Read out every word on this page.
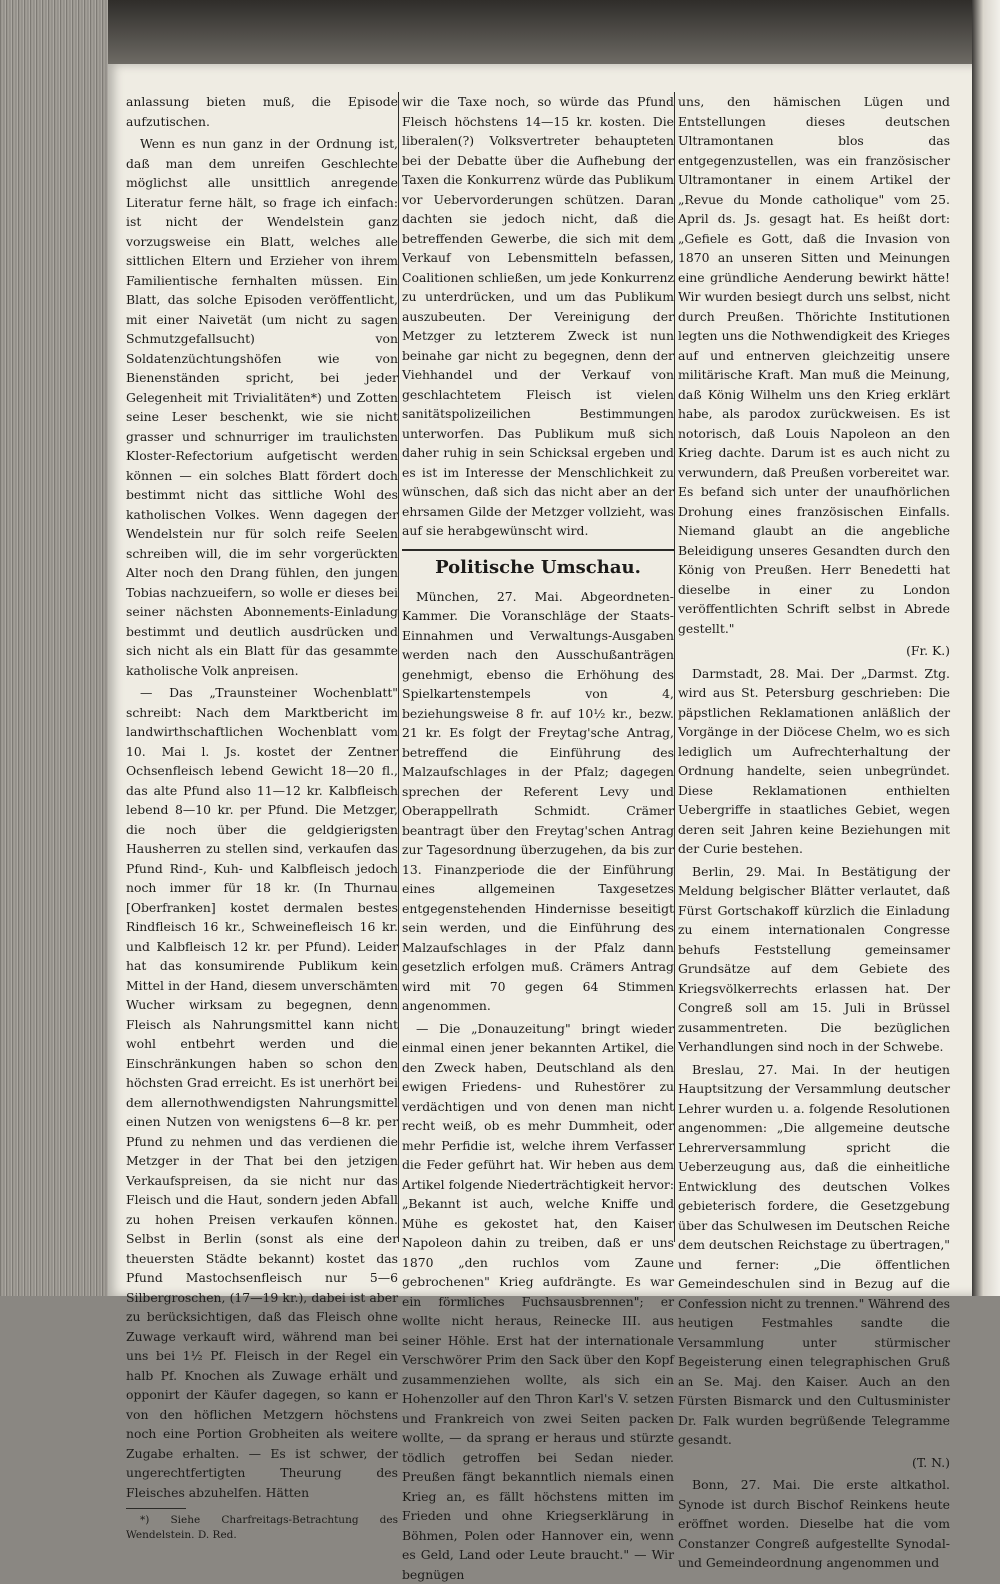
anlassung bieten muß, die Episode aufzutischen.

Wenn es nun ganz in der Ordnung ist, daß man dem unreifen Geschlechte möglichst alle unsittlich anregende Literatur ferne hält, so frage ich einfach: ist nicht der Wendelstein ganz vorzugsweise ein Blatt, welches alle sittlichen Eltern und Erzieher von ihrem Familientische fernhalten müssen. Ein Blatt, das solche Episoden veröffentlicht, mit einer Naivetät (um nicht zu sagen Schmutzgefallsucht) von Soldatenzüchtungshöfen wie von Bienenständen spricht, bei jeder Gelegenheit mit Trivialitäten*) und Zotten seine Leser beschenkt, wie sie nicht grasser und schnurriger im traulichsten Kloster-Refectorium aufgetischt werden können — ein solches Blatt fördert doch bestimmt nicht das sittliche Wohl des katholischen Volkes. Wenn dagegen der Wendelstein nur für solch reife Seelen schreiben will, die im sehr vorgerückten Alter noch den Drang fühlen, den jungen Tobias nachzueifern, so wolle er dieses bei seiner nächsten Abonnements-Einladung bestimmt und deutlich ausdrücken und sich nicht als ein Blatt für das gesammte katholische Volk anpreisen.

— Das „Traunsteiner Wochenblatt" schreibt: Nach dem Marktbericht im landwirthschaftlichen Wochenblatt vom 10. Mai l. Js. kostet der Zentner Ochsenfleisch lebend Gewicht 18—20 fl., das alte Pfund also 11—12 kr. Kalbfleisch lebend 8—10 kr. per Pfund. Die Metzger, die noch über die geldgierigsten Hausherren zu stellen sind, verkaufen das Pfund Rind-, Kuh- und Kalbfleisch jedoch noch immer für 18 kr. (In Thurnau [Oberfranken] kostet dermalen bestes Rindfleisch 16 kr., Schweinefleisch 16 kr. und Kalbfleisch 12 kr. per Pfund). Leider hat das konsumirende Publikum kein Mittel in der Hand, diesem unverschämten Wucher wirksam zu begegnen, denn Fleisch als Nahrungsmittel kann nicht wohl entbehrt werden und die Einschränkungen haben so schon den höchsten Grad erreicht. Es ist unerhört bei dem allernothwendigsten Nahrungsmittel einen Nutzen von wenigstens 6—8 kr. per Pfund zu nehmen und das verdienen die Metzger in der That bei den jetzigen Verkaufspreisen, da sie nicht nur das Fleisch und die Haut, sondern jeden Abfall zu hohen Preisen verkaufen können. Selbst in Berlin (sonst als eine der theuersten Städte bekannt) kostet das Pfund Mastochsenfleisch nur 5—6 Silbergroschen, (17—19 kr.), dabei ist aber zu berücksichtigen, daß das Fleisch ohne Zuwage verkauft wird, während man bei uns bei 1½ Pf. Fleisch in der Regel ein halb Pf. Knochen als Zuwage erhält und opponirt der Käufer dagegen, so kann er von den höflichen Metzgern höchstens noch eine Portion Grobheiten als weitere Zugabe erhalten. — Es ist schwer, der ungerechtfertigten Theurung des Fleisches abzuhelfen. Hätten

*) Siehe Charfreitags-Betrachtung des Wendelstein. D. Red.

wir die Taxe noch, so würde das Pfund Fleisch höchstens 14—15 kr. kosten. Die liberalen(?) Volksvertreter behaupteten bei der Debatte über die Aufhebung der Taxen die Konkurrenz würde das Publikum vor Uebervorderungen schützen. Daran dachten sie jedoch nicht, daß die betreffenden Gewerbe, die sich mit dem Verkauf von Lebensmitteln befassen, Coalitionen schließen, um jede Konkurrenz zu unterdrücken, und um das Publikum auszubeuten. Der Vereinigung der Metzger zu letzterem Zweck ist nun beinahe gar nicht zu begegnen, denn der Viehhandel und der Verkauf von geschlachtetem Fleisch ist vielen sanitätspolizeilichen Bestimmungen unterworfen. Das Publikum muß sich daher ruhig in sein Schicksal ergeben und es ist im Interesse der Menschlichkeit zu wünschen, daß sich das nicht aber an der ehrsamen Gilde der Metzger vollzieht, was auf sie herabgewünscht wird.

Politische Umschau.

München, 27. Mai. Abgeordneten-Kammer. Die Voranschläge der Staats-Einnahmen und Verwaltungs-Ausgaben werden nach den Ausschußanträgen genehmigt, ebenso die Erhöhung des Spielkartenstempels von 4, beziehungsweise 8 fr. auf 10½ kr., bezw. 21 kr. Es folgt der Freytag'sche Antrag, betreffend die Einführung des Malzaufschlages in der Pfalz; dagegen sprechen der Referent Levy und Oberappellrath Schmidt. Crämer beantragt über den Freytag'schen Antrag zur Tagesordnung überzugehen, da bis zur 13. Finanzperiode die der Einführung eines allgemeinen Taxgesetzes entgegenstehenden Hindernisse beseitigt sein werden, und die Einführung des Malzaufschlages in der Pfalz dann gesetzlich erfolgen muß. Crämers Antrag wird mit 70 gegen 64 Stimmen angenommen.

— Die „Donauzeitung" bringt wieder einmal einen jener bekannten Artikel, die den Zweck haben, Deutschland als den ewigen Friedens- und Ruhestörer zu verdächtigen und von denen man nicht recht weiß, ob es mehr Dummheit, oder mehr Perfidie ist, welche ihrem Verfasser die Feder geführt hat. Wir heben aus dem Artikel folgende Niederträchtigkeit hervor: „Bekannt ist auch, welche Kniffe und Mühe es gekostet hat, den Kaiser Napoleon dahin zu treiben, daß er uns 1870 „den ruchlos vom Zaune gebrochenen" Krieg aufdrängte. Es war ein förmliches Fuchsausbrennen"; er wollte nicht heraus, Reinecke III. aus seiner Höhle. Erst hat der internationale Verschwörer Prim den Sack über den Kopf zusammenziehen wollte, als sich ein Hohenzoller auf den Thron Karl's V. setzen und Frankreich von zwei Seiten packen wollte, — da sprang er heraus und stürzte tödlich getroffen bei Sedan nieder. Preußen fängt bekanntlich niemals einen Krieg an, es fällt höchstens mitten im Frieden und ohne Kriegserklärung in Böhmen, Polen oder Hannover ein, wenn es Geld, Land oder Leute braucht." — Wir begnügen

uns, den hämischen Lügen und Entstellungen dieses deutschen Ultramontanen blos das entgegenzustellen, was ein französischer Ultramontaner in einem Artikel der „Revue du Monde catholique" vom 25. April ds. Js. gesagt hat. Es heißt dort: „Gefiele es Gott, daß die Invasion von 1870 an unseren Sitten und Meinungen eine gründliche Aenderung bewirkt hätte! Wir wurden besiegt durch uns selbst, nicht durch Preußen. Thörichte Institutionen legten uns die Nothwendigkeit des Krieges auf und entnerven gleichzeitig unsere militärische Kraft. Man muß die Meinung, daß König Wilhelm uns den Krieg erklärt habe, als parodox zurückweisen. Es ist notorisch, daß Louis Napoleon an den Krieg dachte. Darum ist es auch nicht zu verwundern, daß Preußen vorbereitet war. Es befand sich unter der unaufhörlichen Drohung eines französischen Einfalls. Niemand glaubt an die angebliche Beleidigung unseres Gesandten durch den König von Preußen. Herr Benedetti hat dieselbe in einer zu London veröffentlichten Schrift selbst in Abrede gestellt."

(Fr. K.)

Darmstadt, 28. Mai. Der „Darmst. Ztg. wird aus St. Petersburg geschrieben: Die päpstlichen Reklamationen anläßlich der Vorgänge in der Diöcese Chelm, wo es sich lediglich um Aufrechterhaltung der Ordnung handelte, seien unbegründet. Diese Reklamationen enthielten Uebergriffe in staatliches Gebiet, wegen deren seit Jahren keine Beziehungen mit der Curie bestehen.

Berlin, 29. Mai. In Bestätigung der Meldung belgischer Blätter verlautet, daß Fürst Gortschakoff kürzlich die Einladung zu einem internationalen Congresse behufs Feststellung gemeinsamer Grundsätze auf dem Gebiete des Kriegsvölkerrechts erlassen hat. Der Congreß soll am 15. Juli in Brüssel zusammentreten. Die bezüglichen Verhandlungen sind noch in der Schwebe.

Breslau, 27. Mai. In der heutigen Hauptsitzung der Versammlung deutscher Lehrer wurden u. a. folgende Resolutionen angenommen: „Die allgemeine deutsche Lehrerversammlung spricht die Ueberzeugung aus, daß die einheitliche Entwicklung des deutschen Volkes gebieterisch fordere, die Gesetzgebung über das Schulwesen im Deutschen Reiche dem deutschen Reichstage zu übertragen," und ferner: „Die öffentlichen Gemeindeschulen sind in Bezug auf die Confession nicht zu trennen." Während des heutigen Festmahles sandte die Versammlung unter stürmischer Begeisterung einen telegraphischen Gruß an Se. Maj. den Kaiser. Auch an den Fürsten Bismarck und den Cultusminister Dr. Falk wurden begrüßende Telegramme gesandt.

(T. N.)

Bonn, 27. Mai. Die erste altkathol. Synode ist durch Bischof Reinkens heute eröffnet worden. Dieselbe hat die vom Constanzer Congreß aufgestellte Synodal- und Gemeindeordnung angenommen und
